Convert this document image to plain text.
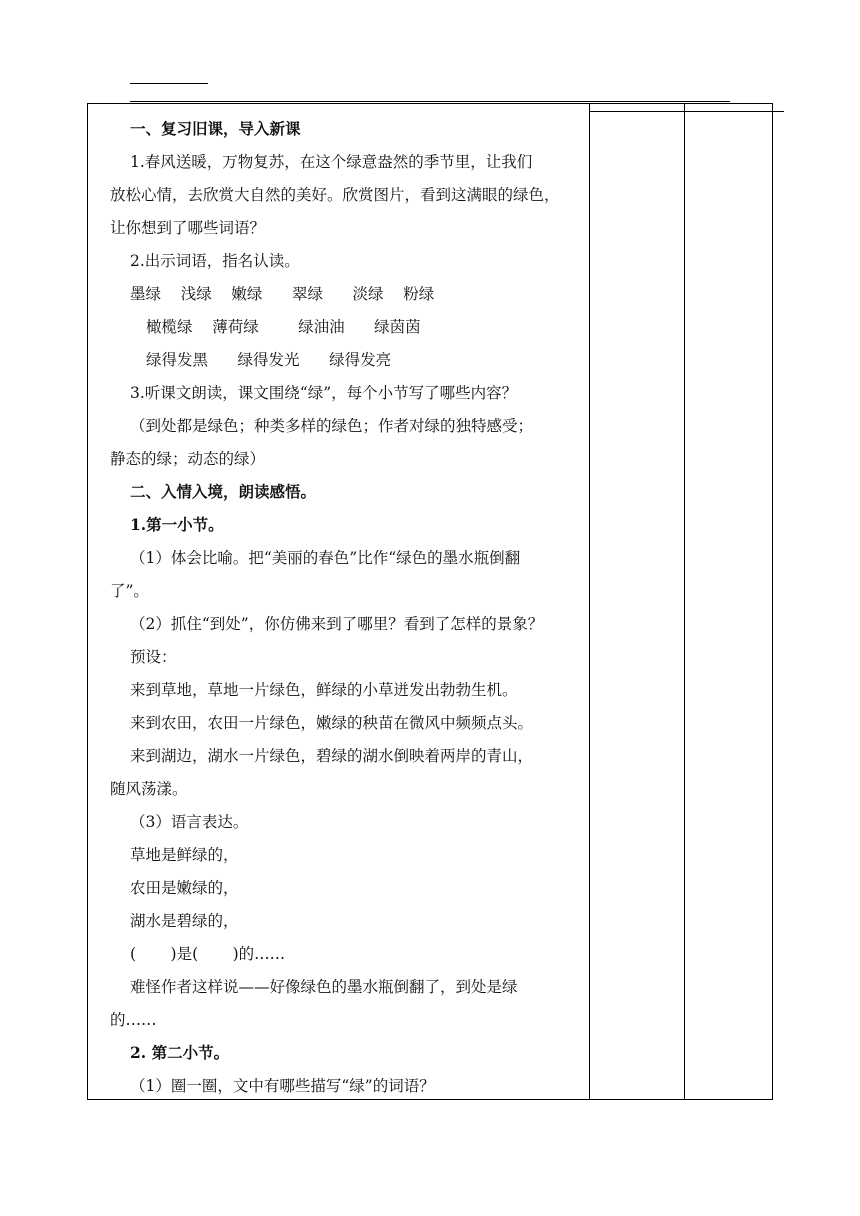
一、复习旧课，导入新课
1.春风送暖，万物复苏，在这个绿意盎然的季节里，让我们
放松心情，去欣赏大自然的美好。欣赏图片，看到这满眼的绿色，
让你想到了哪些词语？
2.出示词语，指名认读。
墨绿    浅绿    嫩绿      翠绿      淡绿    粉绿
橄榄绿    薄荷绿        绿油油      绿茵茵
绿得发黑      绿得发光      绿得发亮
3.听课文朗读，课文围绕“绿”，每个小节写了哪些内容？
（到处都是绿色；种类多样的绿色；作者对绿的独特感受；
静态的绿；动态的绿）
二、入情入境，朗读感悟。
1.第一小节。
（1）体会比喻。把“美丽的春色”比作“绿色的墨水瓶倒翻
了”。
（2）抓住“到处”，你仿佛来到了哪里？看到了怎样的景象？
预设：
来到草地，草地一片绿色，鲜绿的小草迸发出勃勃生机。
来到农田，农田一片绿色，嫩绿的秧苗在微风中频频点头。
来到湖边，湖水一片绿色，碧绿的湖水倒映着两岸的青山，
随风荡漾。
（3）语言表达。
草地是鲜绿的，
农田是嫩绿的，
湖水是碧绿的，
(       )是(       )的……
难怪作者这样说——好像绿色的墨水瓶倒翻了，到处是绿
的……
2. 第二小节。
（1）圈一圈，文中有哪些描写“绿”的词语？
